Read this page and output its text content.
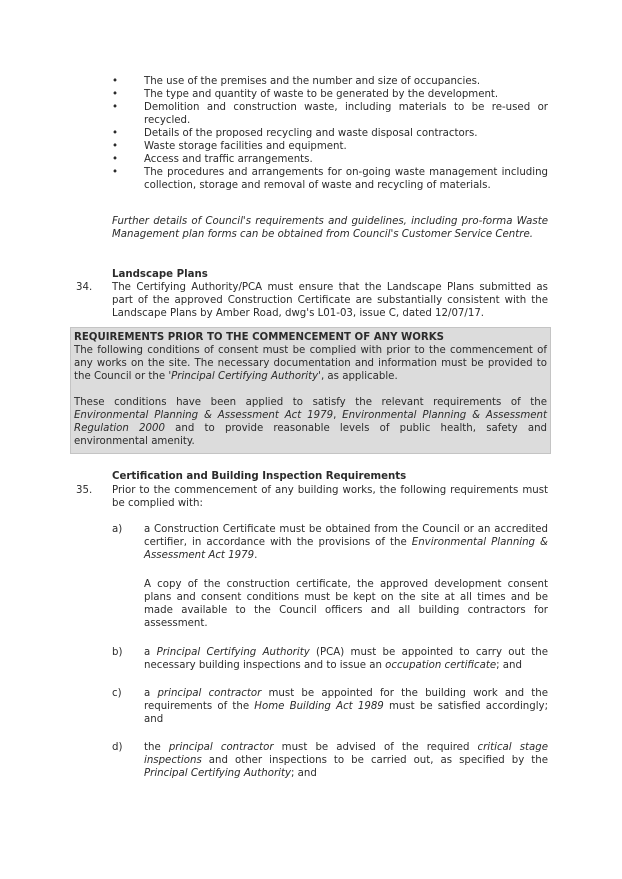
•	The use of the premises and the number and size of occupancies.
•	The type and quantity of waste to be generated by the development.
•	Demolition and construction waste, including materials to be re-used or recycled.
•	Details of the proposed recycling and waste disposal contractors.
•	Waste storage facilities and equipment.
•	Access and traffic arrangements.
•	The procedures and arrangements for on-going waste management including collection, storage and removal of waste and recycling of materials.
Further details of Council's requirements and guidelines, including pro-forma Waste Management plan forms can be obtained from Council's Customer Service Centre.
Landscape Plans
34. The Certifying Authority/PCA must ensure that the Landscape Plans submitted as part of the approved Construction Certificate are substantially consistent with the Landscape Plans by Amber Road, dwg's L01-03, issue C, dated 12/07/17.

REQUIREMENTS PRIOR TO THE COMMENCEMENT OF ANY WORKS

The following conditions of consent must be complied with prior to the commencement of any works on the site. The necessary documentation and information must be provided to the Council or the 'Principal Certifying Authority', as applicable.

These conditions have been applied to satisfy the relevant requirements of the Environmental Planning & Assessment Act 1979, Environmental Planning & Assessment Regulation 2000 and to provide reasonable levels of public health, safety and environmental amenity.

Certification and Building Inspection Requirements
35. Prior to the commencement of any building works, the following requirements must be complied with:
a) a Construction Certificate must be obtained from the Council or an accredited certifier, in accordance with the provisions of the Environmental Planning & Assessment Act 1979.
A copy of the construction certificate, the approved development consent plans and consent conditions must be kept on the site at all times and be made available to the Council officers and all building contractors for assessment.
b) a Principal Certifying Authority (PCA) must be appointed to carry out the necessary building inspections and to issue an occupation certificate; and
c) a principal contractor must be appointed for the building work and the requirements of the Home Building Act 1989 must be satisfied accordingly; and
d) the principal contractor must be advised of the required critical stage inspections and other inspections to be carried out, as specified by the Principal Certifying Authority; and
